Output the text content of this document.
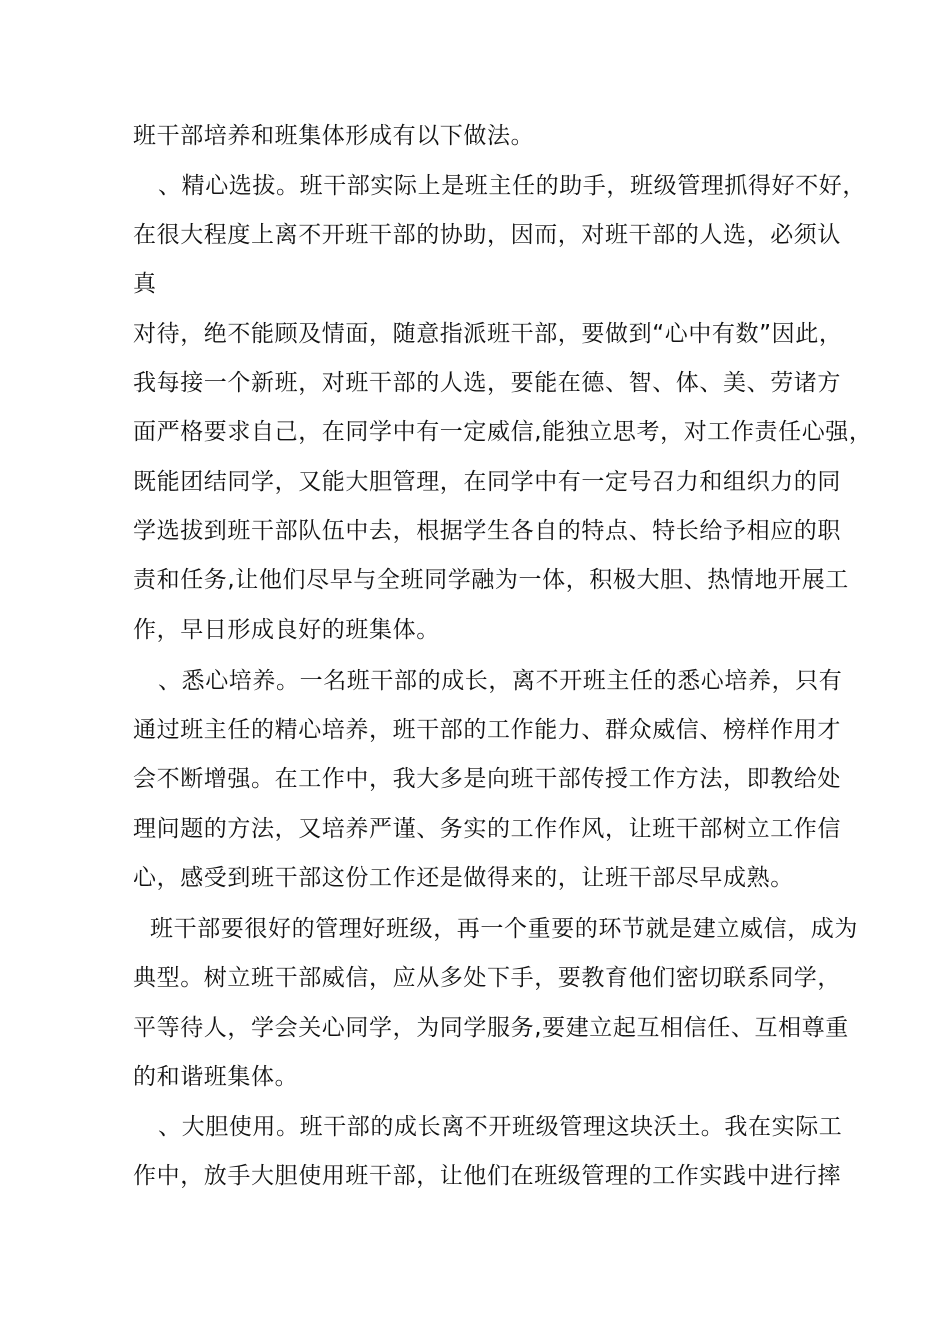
班干部培养和班集体形成有以下做法。
、精心选拔。班干部实际上是班主任的助手，班级管理抓得好不好，
在很大程度上离不开班干部的协助，因而，对班干部的人选，必须认
真
对待，绝不能顾及情面，随意指派班干部，要做到“心中有数”因此，
我每接一个新班，对班干部的人选，要能在德、智、体、美、劳诸方
面严格要求自己，在同学中有一定威信,能独立思考，对工作责任心强，
既能团结同学，又能大胆管理，在同学中有一定号召力和组织力的同
学选拔到班干部队伍中去，根据学生各自的特点、特长给予相应的职
责和任务,让他们尽早与全班同学融为一体，积极大胆、热情地开展工
作，早日形成良好的班集体。
、悉心培养。一名班干部的成长，离不开班主任的悉心培养，只有
通过班主任的精心培养，班干部的工作能力、群众威信、榜样作用才
会不断增强。在工作中，我大多是向班干部传授工作方法，即教给处
理问题的方法，又培养严谨、务实的工作作风，让班干部树立工作信
心，感受到班干部这份工作还是做得来的，让班干部尽早成熟。
班干部要很好的管理好班级，再一个重要的环节就是建立威信，成为
典型。树立班干部威信，应从多处下手，要教育他们密切联系同学，
平等待人，学会关心同学，为同学服务,要建立起互相信任、互相尊重
的和谐班集体。
、大胆使用。班干部的成长离不开班级管理这块沃土。我在实际工
作中，放手大胆使用班干部，让他们在班级管理的工作实践中进行摔
